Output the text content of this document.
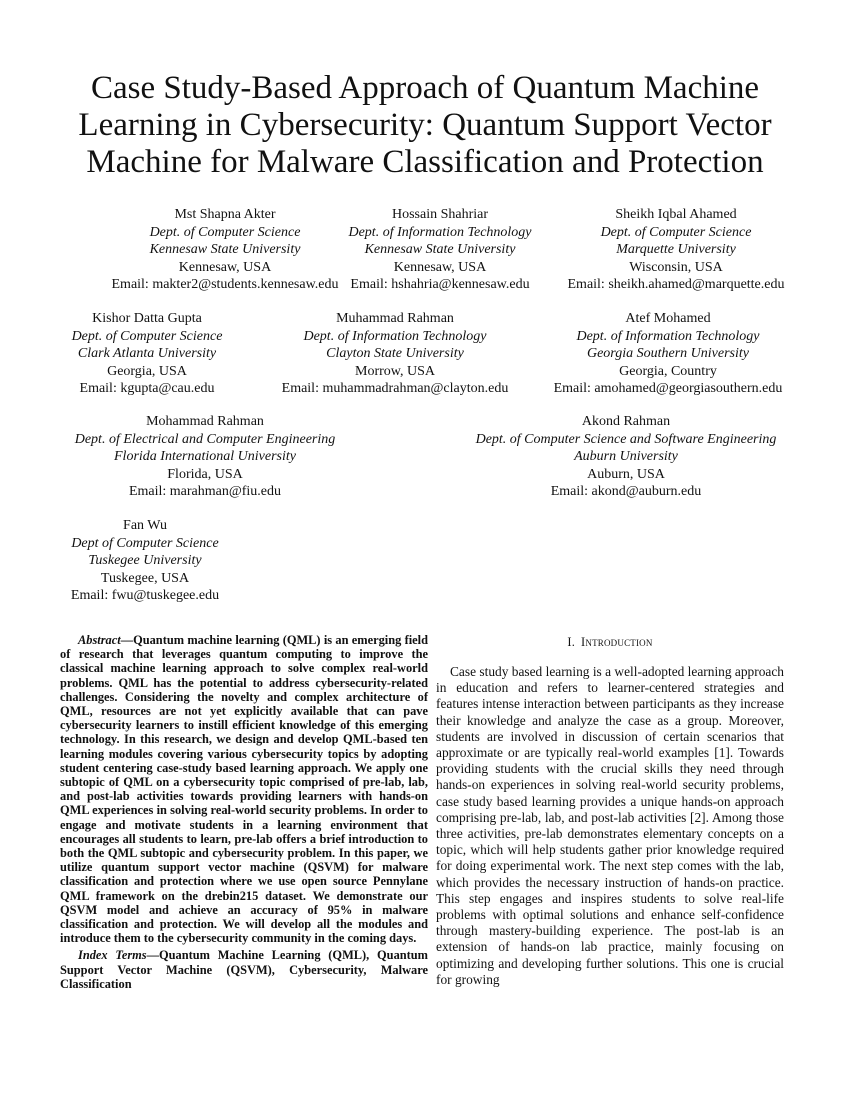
Case Study-Based Approach of Quantum Machine
Learning in Cybersecurity: Quantum Support Vector
Machine for Malware Classification and Protection
Mst Shapna Akter
Dept. of Computer Science
Kennesaw State University
Kennesaw, USA
Email: makter2@students.kennesaw.edu
Hossain Shahriar
Dept. of Information Technology
Kennesaw State University
Kennesaw, USA
Email: hshahria@kennesaw.edu
Sheikh Iqbal Ahamed
Dept. of Computer Science
Marquette University
Wisconsin, USA
Email: sheikh.ahamed@marquette.edu
Kishor Datta Gupta
Dept. of Computer Science
Clark Atlanta University
Georgia, USA
Email: kgupta@cau.edu
Muhammad Rahman
Dept. of Information Technology
Clayton State University
Morrow, USA
Email: muhammadrahman@clayton.edu
Atef Mohamed
Dept. of Information Technology
Georgia Southern University
Georgia, Country
Email: amohamed@georgiasouthern.edu
Mohammad Rahman
Dept. of Electrical and Computer Engineering
Florida International University
Florida, USA
Email: marahman@fiu.edu
Akond Rahman
Dept. of Computer Science and Software Engineering
Auburn University
Auburn, USA
Email: akond@auburn.edu
Fan Wu
Dept of Computer Science
Tuskegee University
Tuskegee, USA
Email: fwu@tuskegee.edu

Abstract—Quantum machine learning (QML) is an emerging field of research that leverages quantum computing to improve the classical machine learning approach to solve complex real-world problems. QML has the potential to address cybersecurity-related challenges. Considering the novelty and complex architecture of QML, resources are not yet explicitly available that can pave cybersecurity learners to instill efficient knowledge of this emerging technology. In this research, we design and develop QML-based ten learning modules covering various cybersecurity topics by adopting student centering case-study based learning approach. We apply one subtopic of QML on a cybersecurity topic comprised of pre-lab, lab, and post-lab activities towards providing learners with hands-on QML experiences in solving real-world security problems. In order to engage and motivate students in a learning environment that encourages all students to learn, pre-lab offers a brief introduction to both the QML subtopic and cybersecurity problem. In this paper, we utilize quantum support vector machine (QSVM) for malware classification and protection where we use open source Pennylane QML framework on the drebin215 dataset. We demonstrate our QSVM model and achieve an accuracy of 95% in malware classification and protection. We will develop all the modules and introduce them to the cybersecurity community in the coming days.

Index Terms—Quantum Machine Learning (QML), Quantum Support Vector Machine (QSVM), Cybersecurity, Malware Classification

I. Introduction

Case study based learning is a well-adopted learning approach in education and refers to learner-centered strategies and features intense interaction between participants as they increase their knowledge and analyze the case as a group. Moreover, students are involved in discussion of certain scenarios that approximate or are typically real-world examples [1]. Towards providing students with the crucial skills they need through hands-on experiences in solving real-world security problems, case study based learning provides a unique hands-on approach comprising pre-lab, lab, and post-lab activities [2]. Among those three activities, pre-lab demonstrates elementary concepts on a topic, which will help students gather prior knowledge required for doing experimental work. The next step comes with the lab, which provides the necessary instruction of hands-on practice. This step engages and inspires students to solve real-life problems with optimal solutions and enhance self-confidence through mastery-building experience. The post-lab is an extension of hands-on lab practice, mainly focusing on optimizing and developing further solutions. This one is crucial for growing
